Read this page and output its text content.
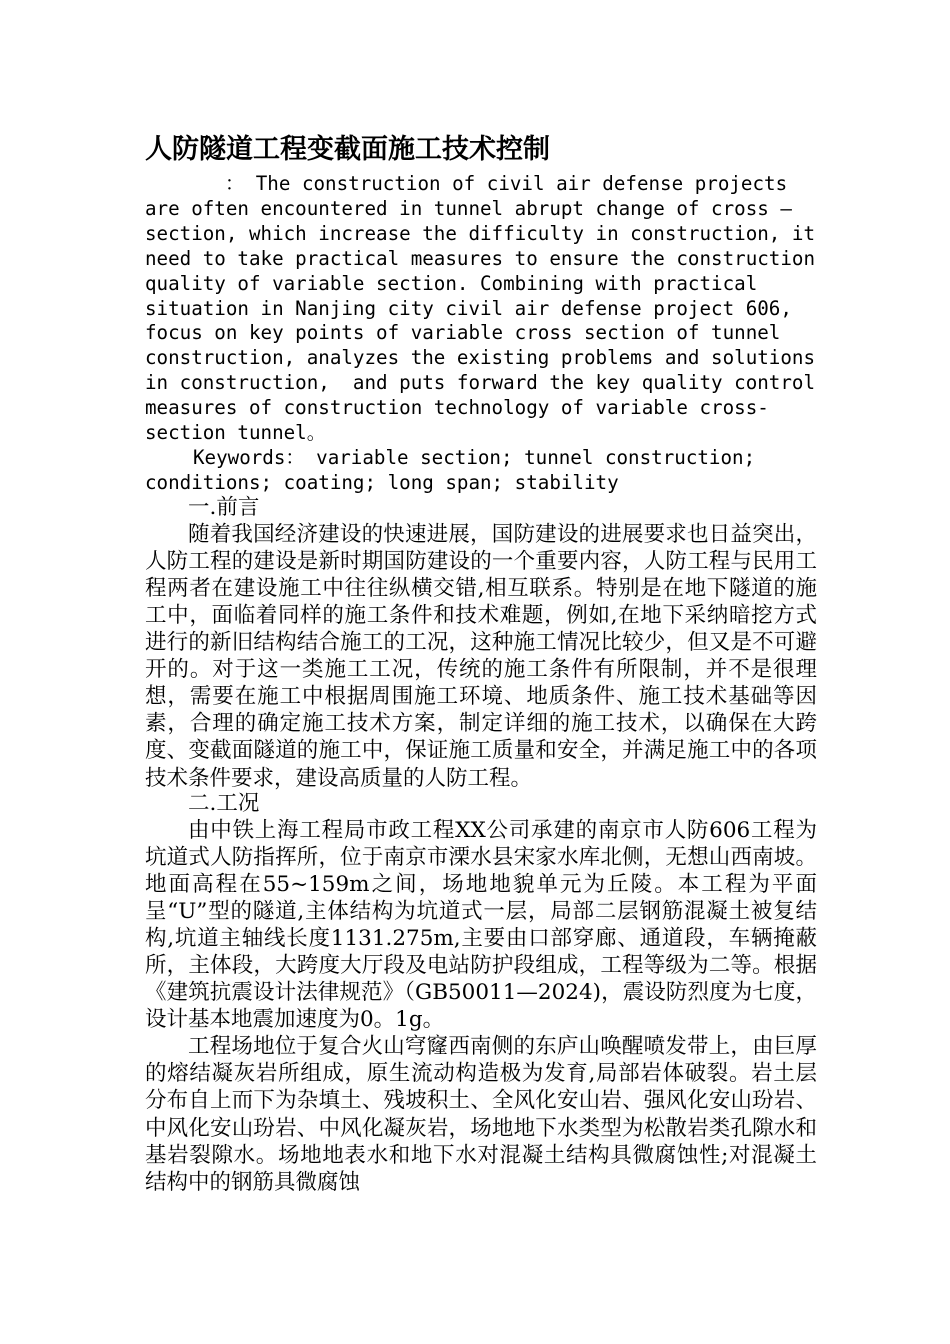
人防隧道工程变截面施工技术控制

： The construction of civil air defense projects are often encountered in tunnel abrupt change of cross —section, which increase the difficulty in construction, it need to take practical measures to ensure the construction quality of variable section. Combining with practical situation in Nanjing city civil air defense project 606, focus on key points of variable cross section of tunnel construction, analyzes the existing problems and solutions in construction,  and puts forward the key quality control measures of construction technology of variable cross-section tunnel。

Keywords： variable section; tunnel construction; conditions; coating; long span; stability

一.前言

随着我国经济建设的快速进展，国防建设的进展要求也日益突出，人防工程的建设是新时期国防建设的一个重要内容，人防工程与民用工程两者在建设施工中往往纵横交错,相互联系。特别是在地下隧道的施工中，面临着同样的施工条件和技术难题，例如,在地下采纳暗挖方式进行的新旧结构结合施工的工况，这种施工情况比较少，但又是不可避开的。对于这一类施工工况，传统的施工条件有所限制，并不是很理想，需要在施工中根据周围施工环境、地质条件、施工技术基础等因素，合理的确定施工技术方案，制定详细的施工技术，以确保在大跨度、变截面隧道的施工中，保证施工质量和安全，并满足施工中的各项技术条件要求，建设高质量的人防工程。

二.工况

由中铁上海工程局市政工程XX公司承建的南京市人防606工程为坑道式人防指挥所，位于南京市溧水县宋家水库北侧，无想山西南坡。地面高程在55~159m之间，场地地貌单元为丘陵。本工程为平面呈“U”型的隧道,主体结构为坑道式一层，局部二层钢筋混凝土被复结构,坑道主轴线长度1131.275m,主要由口部穿廊、通道段，车辆掩蔽所，主体段，大跨度大厅段及电站防护段组成，工程等级为二等。根据《建筑抗震设计法律规范》（GB50011—2024)，震设防烈度为七度，设计基本地震加速度为0。1g。

工程场地位于复合火山穹窿西南侧的东庐山唤醒喷发带上，由巨厚的熔结凝灰岩所组成，原生流动构造极为发育,局部岩体破裂。岩土层分布自上而下为杂填土、残坡积土、全风化安山岩、强风化安山玢岩、中风化安山玢岩、中风化凝灰岩，场地地下水类型为松散岩类孔隙水和基岩裂隙水。场地地表水和地下水对混凝土结构具微腐蚀性;对混凝土结构中的钢筋具微腐蚀
